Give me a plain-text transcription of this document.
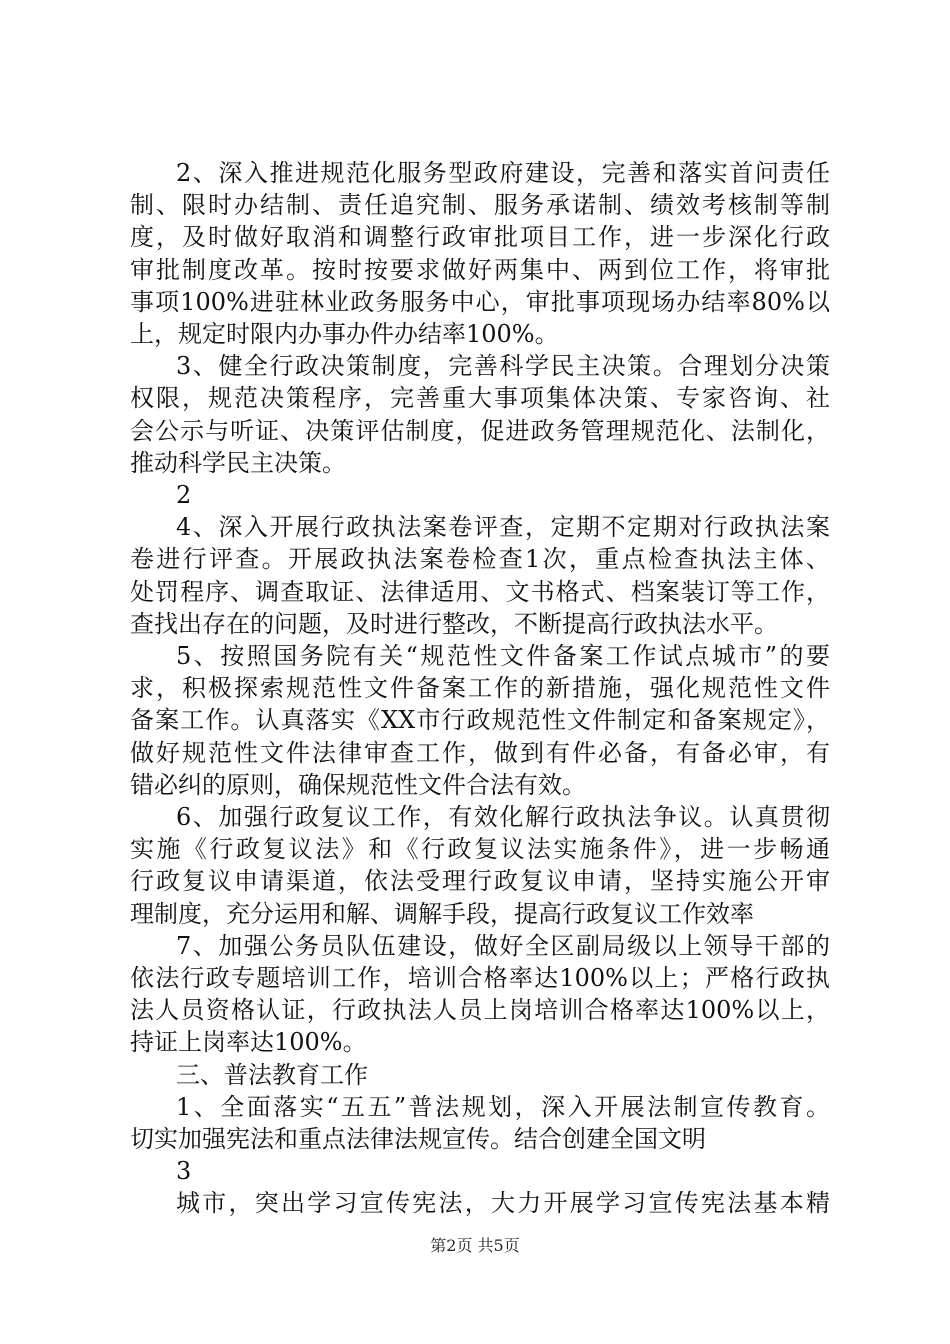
2、深入推进规范化服务型政府建设，完善和落实首问责任
制、限时办结制、责任追究制、服务承诺制、绩效考核制等制
度，及时做好取消和调整行政审批项目工作，进一步深化行政
审批制度改革。按时按要求做好两集中、两到位工作，将审批
事项100%进驻林业政务服务中心，审批事项现场办结率80%以
上，规定时限内办事办件办结率100%。
3、健全行政决策制度，完善科学民主决策。合理划分决策
权限，规范决策程序，完善重大事项集体决策、专家咨询、社
会公示与听证、决策评估制度，促进政务管理规范化、法制化，
推动科学民主决策。
2
4、深入开展行政执法案卷评查，定期不定期对行政执法案
卷进行评查。开展政执法案卷检查1次，重点检查执法主体、
处罚程序、调查取证、法律适用、文书格式、档案装订等工作，
查找出存在的问题，及时进行整改，不断提高行政执法水平。
5、按照国务院有关“规范性文件备案工作试点城市”的要
求，积极探索规范性文件备案工作的新措施，强化规范性文件
备案工作。认真落实《XX市行政规范性文件制定和备案规定》，
做好规范性文件法律审查工作，做到有件必备，有备必审，有
错必纠的原则，确保规范性文件合法有效。
6、加强行政复议工作，有效化解行政执法争议。认真贯彻
实施《行政复议法》和《行政复议法实施条件》，进一步畅通
行政复议申请渠道，依法受理行政复议申请，坚持实施公开审
理制度，充分运用和解、调解手段，提高行政复议工作效率
7、加强公务员队伍建设，做好全区副局级以上领导干部的
依法行政专题培训工作，培训合格率达100%以上；严格行政执
法人员资格认证，行政执法人员上岗培训合格率达100%以上，
持证上岗率达100%。
三、普法教育工作
1、全面落实“五五”普法规划，深入开展法制宣传教育。
切实加强宪法和重点法律法规宣传。结合创建全国文明
3
城市，突出学习宣传宪法，大力开展学习宣传宪法基本精
第2页 共5页
